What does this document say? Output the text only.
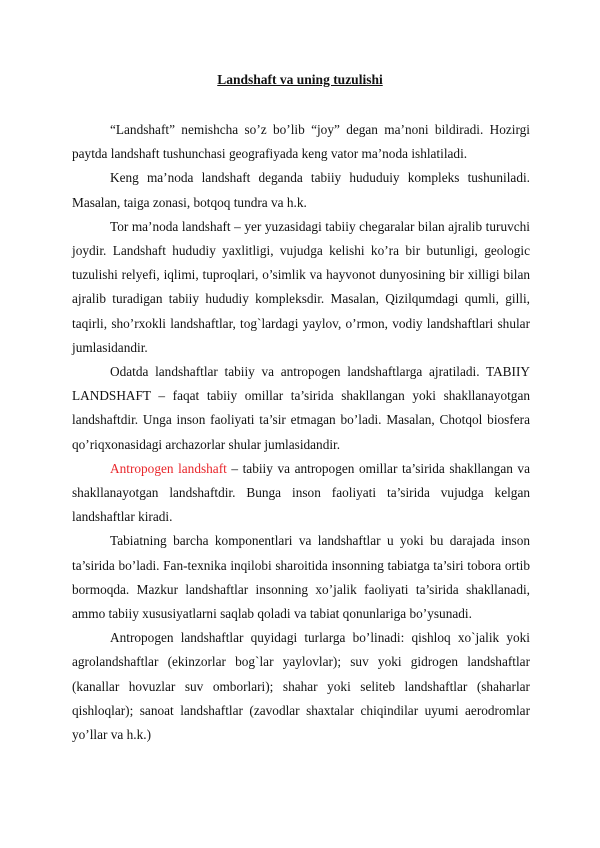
Landshaft va uning tuzulishi

“Landshaft” nemishcha so’z bo’lib “joy” degan ma’noni bildiradi. Hozirgi paytda landshaft tushunchasi geografiyada keng vator ma’noda ishlatiladi.

Keng ma’noda landshaft deganda tabiiy hududuiy kompleks tushuniladi. Masalan, taiga zonasi, botqoq tundra va h.k.

Tor ma’noda landshaft – yer yuzasidagi tabiiy chegaralar bilan ajralib turuvchi joydir. Landshaft hududiy yaxlitligi, vujudga kelishi ko’ra bir butunligi, geologic tuzulishi relyefi, iqlimi, tuproqlari, o’simlik va hayvonot dunyosining bir xilligi bilan ajralib turadigan tabiiy hududiy kompleksdir. Masalan, Qizilqumdagi qumli, gilli, taqirli, sho’rxokli landshaftlar, tog`lardagi yaylov, o’rmon, vodiy landshaftlari shular jumlasidandir.

Odatda landshaftlar tabiiy va antropogen landshaftlarga ajratiladi. TABIIY LANDSHAFT – faqat tabiiy omillar ta’sirida shakllangan yoki shakllanayotgan landshaftdir. Unga inson faoliyati ta’sir etmagan bo’ladi. Masalan, Chotqol biosfera qo’riqxonasidagi archazorlar shular jumlasidandir.

Antropogen landshaft – tabiiy va antropogen omillar ta’sirida shakllangan va shakllanayotgan landshaftdir. Bunga inson faoliyati ta’sirida vujudga kelgan landshaftlar kiradi.

Tabiatning barcha komponentlari va landshaftlar u yoki bu darajada inson ta’sirida bo’ladi. Fan-texnika inqilobi sharoitida insonning tabiatga ta’siri tobora ortib bormoqda. Mazkur landshaftlar insonning xo’jalik faoliyati ta’sirida shakllanadi, ammo tabiiy xususiyatlarni saqlab qoladi va tabiat qonunlariga bo’ysunadi.

Antropogen landshaftlar quyidagi turlarga bo’linadi: qishloq xo`jalik yoki agrolandshaftlar (ekinzorlar bog`lar yaylovlar); suv yoki gidrogen landshaftlar (kanallar hovuzlar suv omborlari); shahar yoki seliteb landshaftlar (shaharlar qishloqlar); sanoat landshaftlar (zavodlar shaxtalar chiqindilar uyumi aerodromlar yo’llar va h.k.)
